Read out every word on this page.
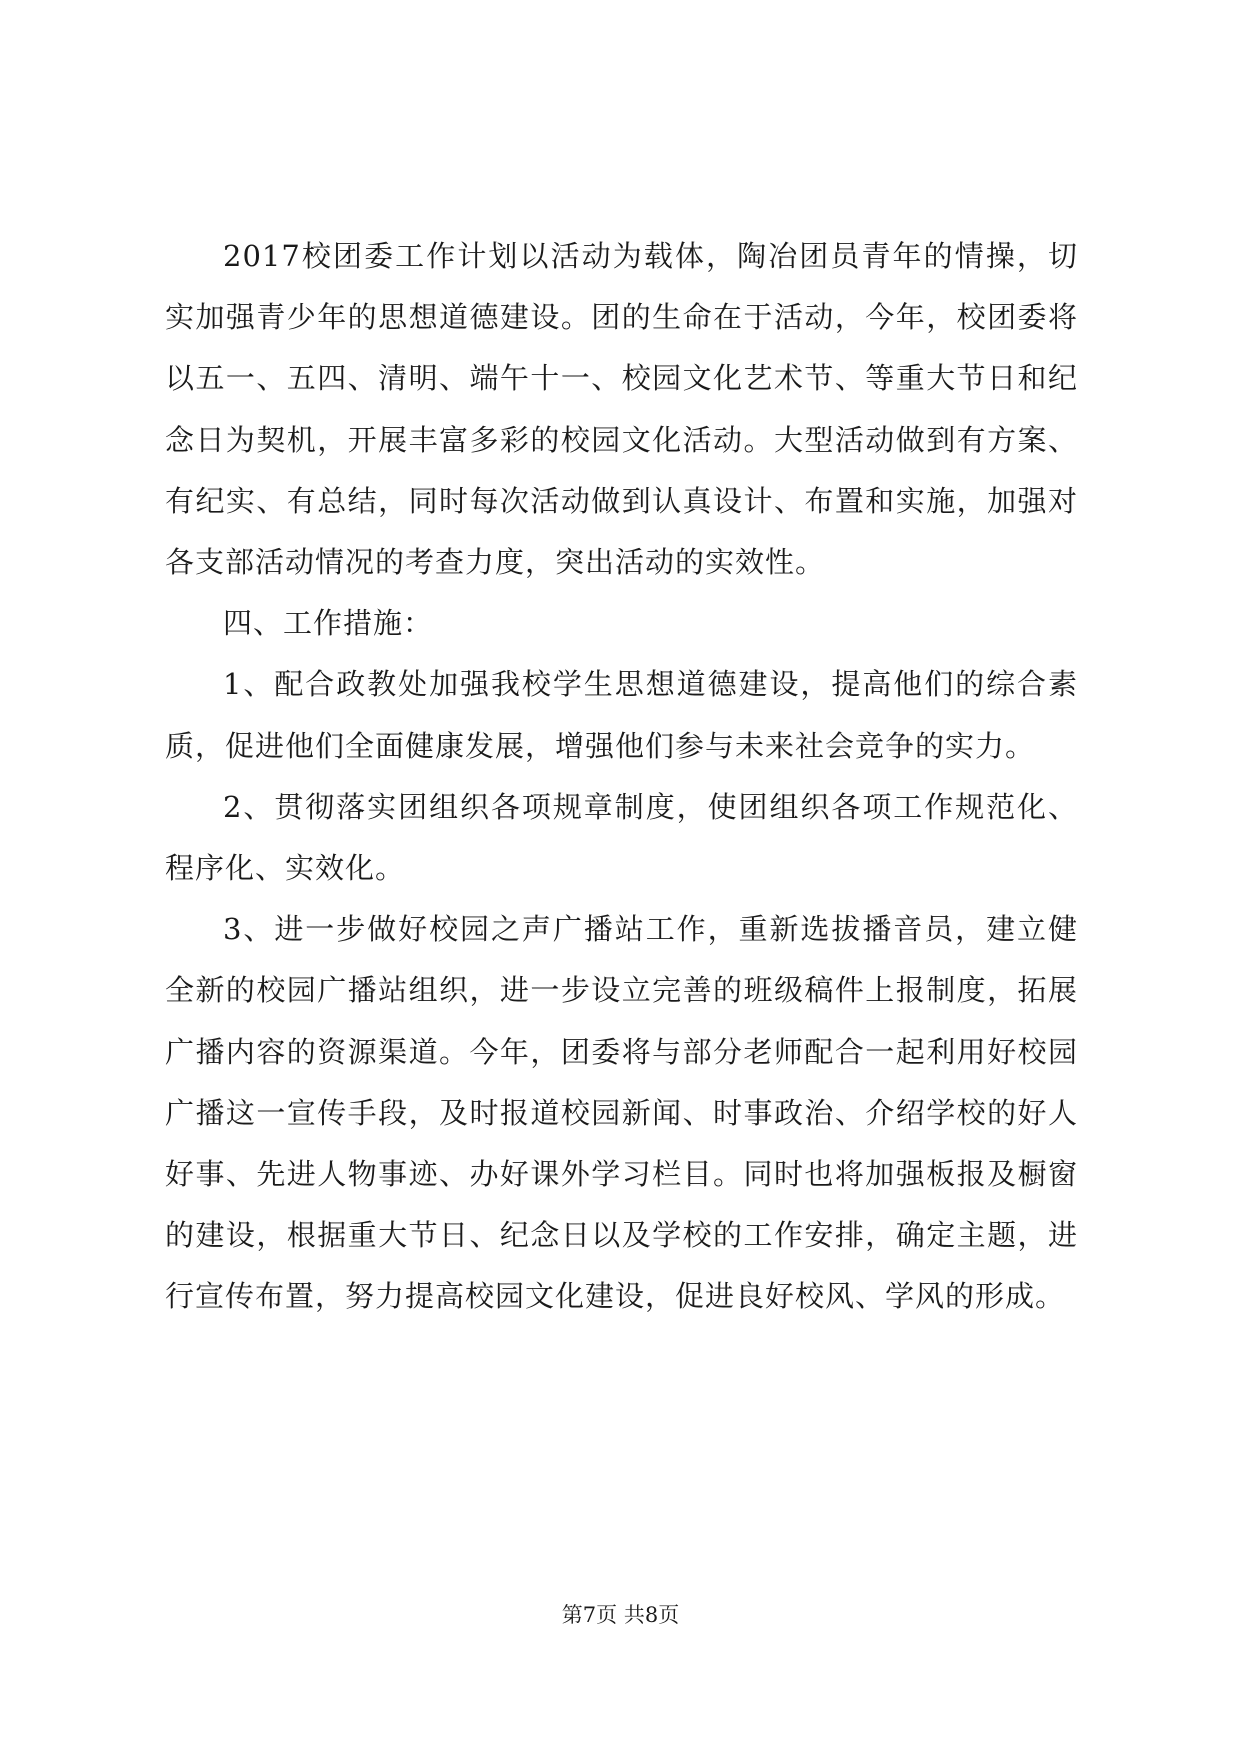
2017校团委工作计划以活动为载体，陶冶团员青年的情操，切实加强青少年的思想道德建设。团的生命在于活动，今年，校团委将以五一、五四、清明、端午十一、校园文化艺术节、等重大节日和纪念日为契机，开展丰富多彩的校园文化活动。大型活动做到有方案、有纪实、有总结，同时每次活动做到认真设计、布置和实施，加强对各支部活动情况的考查力度，突出活动的实效性。

四、工作措施：

1、配合政教处加强我校学生思想道德建设，提高他们的综合素质，促进他们全面健康发展，增强他们参与未来社会竞争的实力。

2、贯彻落实团组织各项规章制度，使团组织各项工作规范化、程序化、实效化。

3、进一步做好校园之声广播站工作，重新选拔播音员，建立健全新的校园广播站组织，进一步设立完善的班级稿件上报制度，拓展广播内容的资源渠道。今年，团委将与部分老师配合一起利用好校园广播这一宣传手段，及时报道校园新闻、时事政治、介绍学校的好人好事、先进人物事迹、办好课外学习栏目。同时也将加强板报及橱窗的建设，根据重大节日、纪念日以及学校的工作安排，确定主题，进行宣传布置，努力提高校园文化建设，促进良好校风、学风的形成。

第7页 共8页
